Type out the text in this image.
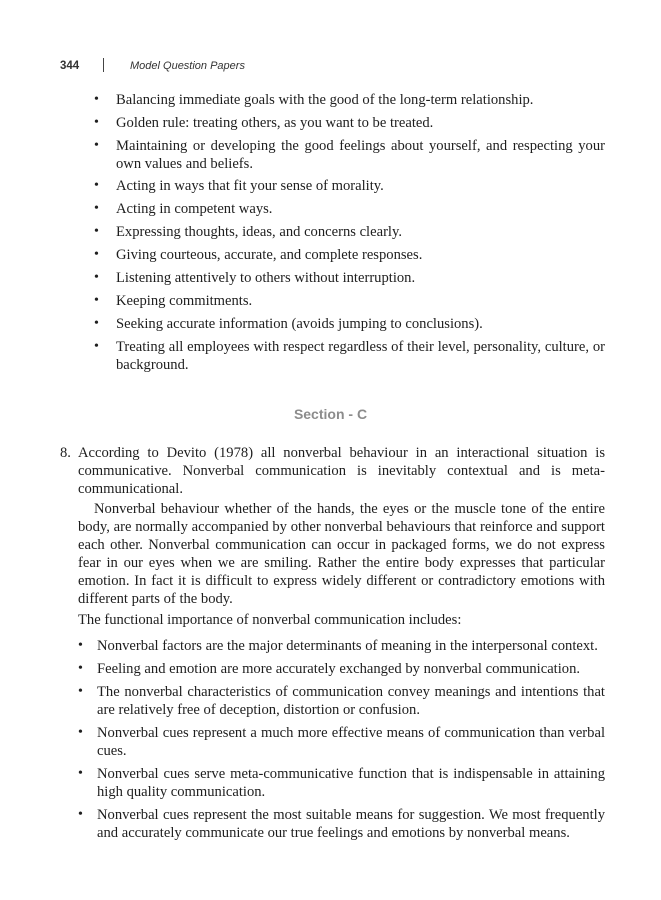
344	Model Question Papers
• Balancing immediate goals with the good of the long-term relationship.
• Golden rule: treating others, as you want to be treated.
• Maintaining or developing the good feelings about yourself, and respecting your own values and beliefs.
• Acting in ways that fit your sense of morality.
• Acting in competent ways.
• Expressing thoughts, ideas, and concerns clearly.
• Giving courteous, accurate, and complete responses.
• Listening attentively to others without interruption.
• Keeping commitments.
• Seeking accurate information (avoids jumping to conclusions).
• Treating all employees with respect regardless of their level, personality, culture, or background.
Section - C
8. According to Devito (1978) all nonverbal behaviour in an interactional situation is communicative. Nonverbal communication is inevitably contextual and is meta-communicational.
Nonverbal behaviour whether of the hands, the eyes or the muscle tone of the entire body, are normally accompanied by other nonverbal behaviours that reinforce and support each other. Nonverbal communication can occur in packaged forms, we do not express fear in our eyes when we are smiling. Rather the entire body expresses that particular emotion. In fact it is difficult to express widely different or contradictory emotions with different parts of the body.
The functional importance of nonverbal communication includes:
• Nonverbal factors are the major determinants of meaning in the interpersonal context.
• Feeling and emotion are more accurately exchanged by nonverbal communication.
• The nonverbal characteristics of communication convey meanings and intentions that are relatively free of deception, distortion or confusion.
• Nonverbal cues represent a much more effective means of communication than verbal cues.
• Nonverbal cues serve meta-communicative function that is indispensable in attaining high quality communication.
• Nonverbal cues represent the most suitable means for suggestion. We most frequently and accurately communicate our true feelings and emotions by nonverbal means.
